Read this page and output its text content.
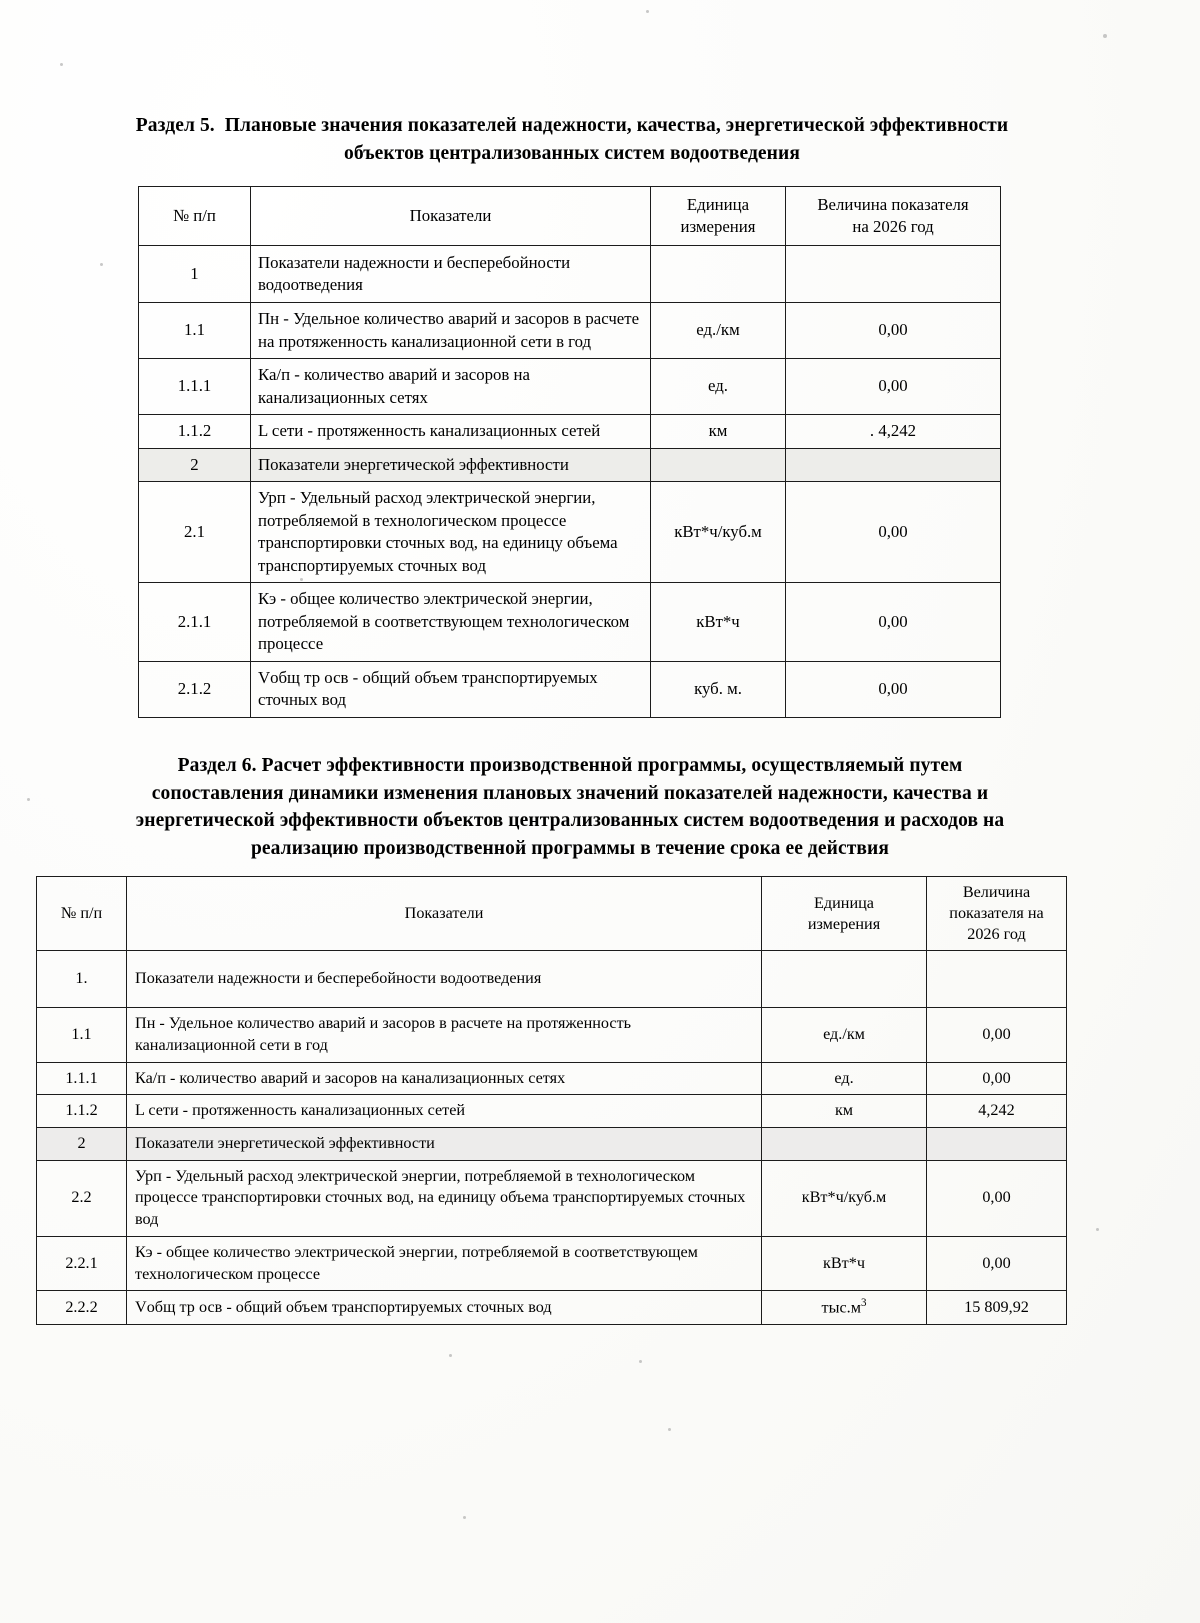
Раздел 5. Плановые значения показателей надежности, качества, энергетической эффективности
объектов централизованных систем водоотведения
№ п/п	Показатели	Единица
измерения	Величина показателя
на 2026 год
1	Показатели надежности и бесперебойности водоотведения		
1.1	Пн - Удельное количество аварий и засоров в расчете на протяженность канализационной сети в год	ед./км	0,00
1.1.1	Ка/п - количество аварий и засоров на канализационных сетях	ед.	0,00
1.1.2	L сети - протяженность канализационных сетей	км	. 4,242
2	Показатели энергетической эффективности		
2.1	Урп - Удельный расход электрической энергии, потребляемой в технологическом процессе транспортировки сточных вод, на единицу объема транспортируемых сточных вод	кВт*ч/куб.м	0,00
2.1.1	Кэ - общее количество электрической энергии, потребляемой в соответствующем технологическом процессе	кВт*ч	0,00
2.1.2	Vобщ тр осв - общий объем транспортируемых сточных вод	куб. м.	0,00
Раздел 6. Расчет эффективности производственной программы, осуществляемый путем
сопоставления динамики изменения плановых значений показателей надежности, качества и
энергетической эффективности объектов централизованных систем водоотведения и расходов на
реализацию производственной программы в течение срока ее действия
№ п/п	Показатели	Единица
измерения	Величина
показателя на
2026 год
1.	Показатели надежности и бесперебойности водоотведения		
1.1	Пн - Удельное количество аварий и засоров в расчете на протяженность канализационной сети в год	ед./км	0,00
1.1.1	Ка/п - количество аварий и засоров на канализационных сетях	ед.	0,00
1.1.2	L сети - протяженность канализационных сетей	км	4,242
2	Показатели энергетической эффективности		
2.2	Урп - Удельный расход электрической энергии, потребляемой в технологическом процессе транспортировки сточных вод, на единицу объема транспортируемых сточных вод	кВт*ч/куб.м	0,00
2.2.1	Кэ - общее количество электрической энергии, потребляемой в соответствующем технологическом процессе	кВт*ч	0,00
2.2.2	Vобщ тр осв - общий объем транспортируемых сточных вод	$тыс.м^3$	15 809,92
